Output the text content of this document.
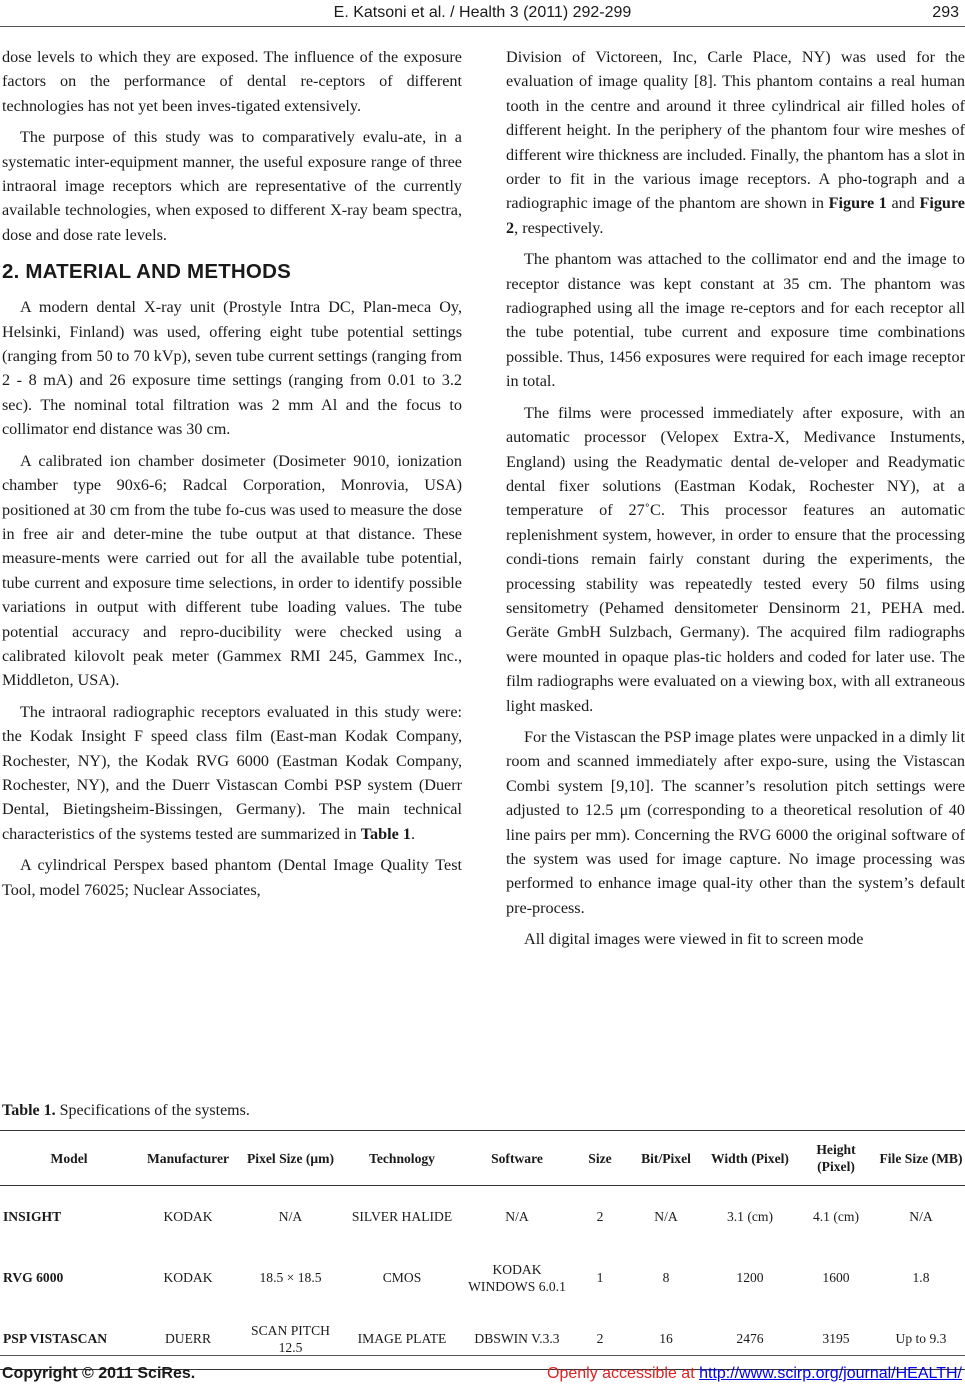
E. Katsoni et al. / Health 3 (2011) 292-299	293

dose levels to which they are exposed. The influence of the exposure factors on the performance of dental re-ceptors of different technologies has not yet been inves-tigated extensively.

The purpose of this study was to comparatively evalu-ate, in a systematic inter-equipment manner, the useful exposure range of three intraoral image receptors which are representative of the currently available technologies, when exposed to different X-ray beam spectra, dose and dose rate levels.

2. MATERIAL AND METHODS

A modern dental X-ray unit (Prostyle Intra DC, Plan-meca Oy, Helsinki, Finland) was used, offering eight tube potential settings (ranging from 50 to 70 kVp), seven tube current settings (ranging from 2 - 8 mA) and 26 exposure time settings (ranging from 0.01 to 3.2 sec). The nominal total filtration was 2 mm Al and the focus to collimator end distance was 30 cm.

A calibrated ion chamber dosimeter (Dosimeter 9010, ionization chamber type 90x6-6; Radcal Corporation, Monrovia, USA) positioned at 30 cm from the tube fo-cus was used to measure the dose in free air and deter-mine the tube output at that distance. These measure-ments were carried out for all the available tube potential, tube current and exposure time selections, in order to identify possible variations in output with different tube loading values. The tube potential accuracy and repro-ducibility were checked using a calibrated kilovolt peak meter (Gammex RMI 245, Gammex Inc., Middleton, USA).

The intraoral radiographic receptors evaluated in this study were: the Kodak Insight F speed class film (East-man Kodak Company, Rochester, NY), the Kodak RVG 6000 (Eastman Kodak Company, Rochester, NY), and the Duerr Vistascan Combi PSP system (Duerr Dental, Bietingsheim-Bissingen, Germany). The main technical characteristics of the systems tested are summarized in Table 1.

A cylindrical Perspex based phantom (Dental Image Quality Test Tool, model 76025; Nuclear Associates,

Division of Victoreen, Inc, Carle Place, NY) was used for the evaluation of image quality [8]. This phantom contains a real human tooth in the centre and around it three cylindrical air filled holes of different height. In the periphery of the phantom four wire meshes of different wire thickness are included. Finally, the phantom has a slot in order to fit in the various image receptors. A pho-tograph and a radiographic image of the phantom are shown in Figure 1 and Figure 2, respectively.

The phantom was attached to the collimator end and the image to receptor distance was kept constant at 35 cm. The phantom was radiographed using all the image re-ceptors and for each receptor all the tube potential, tube current and exposure time combinations possible. Thus, 1456 exposures were required for each image receptor in total.

The films were processed immediately after exposure, with an automatic processor (Velopex Extra-X, Medivance Instuments, England) using the Readymatic dental de-veloper and Readymatic dental fixer solutions (Eastman Kodak, Rochester NY), at a temperature of 27˚C. This processor features an automatic replenishment system, however, in order to ensure that the processing condi-tions remain fairly constant during the experiments, the processing stability was repeatedly tested every 50 films using sensitometry (Pehamed densitometer Densinorm 21, PEHA med. Geräte GmbH Sulzbach, Germany). The acquired film radiographs were mounted in opaque plas-tic holders and coded for later use. The film radiographs were evaluated on a viewing box, with all extraneous light masked.

For the Vistascan the PSP image plates were unpacked in a dimly lit room and scanned immediately after expo-sure, using the Vistascan Combi system [9,10]. The scanner’s resolution pitch settings were adjusted to 12.5 μm (corresponding to a theoretical resolution of 40 line pairs per mm). Concerning the RVG 6000 the original software of the system was used for image capture. No image processing was performed to enhance image qual-ity other than the system’s default pre-process.

All digital images were viewed in fit to screen mode

Table 1. Specifications of the systems.
Model	Manufacturer	Pixel Size (μm)	Technology	Software	Size	Bit/Pixel	Width (Pixel)	Height (Pixel)	File Size (MB)
INSIGHT	KODAK	N/A	SILVER HALIDE	N/A	2	N/A	3.1 (cm)	4.1 (cm)	N/A
RVG 6000	KODAK	18.5 × 18.5	CMOS	KODAK WINDOWS 6.0.1	1	8	1200	1600	1.8
PSP VISTASCAN	DUERR	SCAN PITCH 12.5	IMAGE PLATE	DBSWIN V.3.3	2	16	2476	3195	Up to 9.3
Copyright © 2011 SciRes.	Openly accessible at http://www.scirp.org/journal/HEALTH/
